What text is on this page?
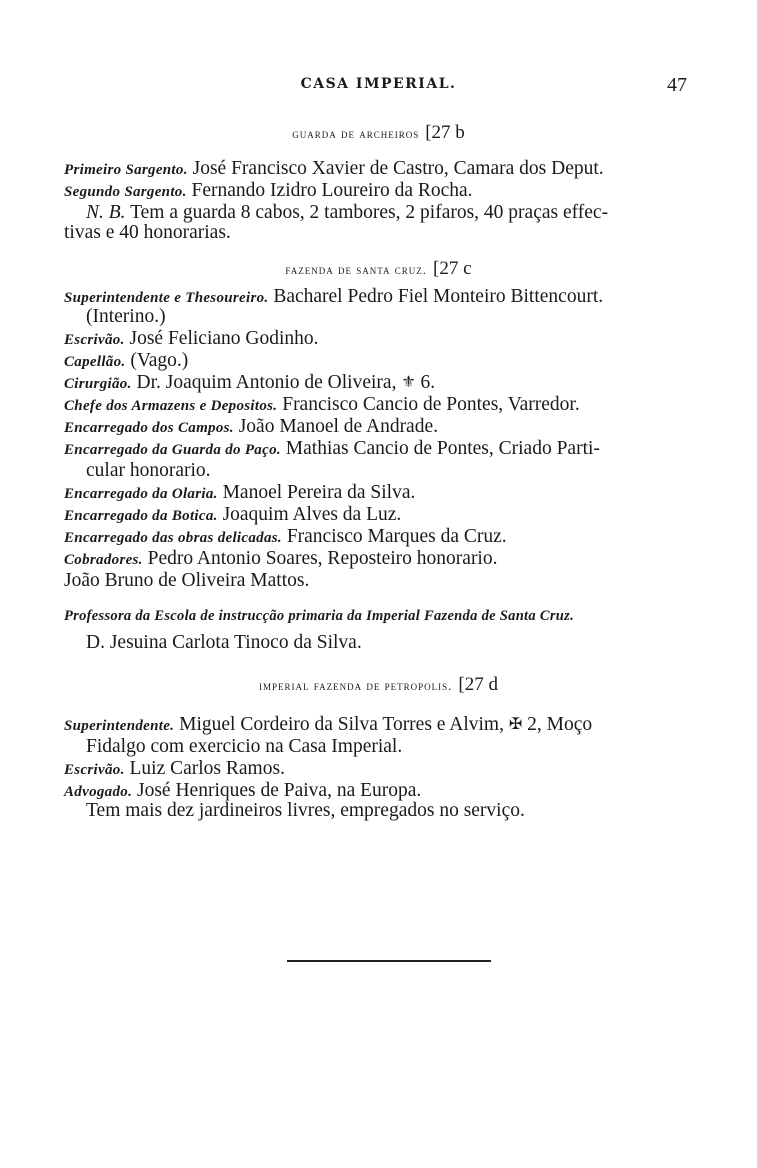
CASA IMPERIAL.	47
guarda de archeiros [27 b
Primeiro Sargento. José Francisco Xavier de Castro, Camara dos Deput.
Segundo Sargento. Fernando Izidro Loureiro da Rocha.
N. B. Tem a guarda 8 cabos, 2 tambores, 2 pifaros, 40 praças effec-
tivas e 40 honorarias.
fazenda de santa cruz. [27 c
Superintendente e Thesoureiro. Bacharel Pedro Fiel Monteiro Bittencourt.
(Interino.)
Escrivão. José Feliciano Godinho.
Capellão. (Vago.)
Cirurgião. Dr. Joaquim Antonio de Oliveira, ⚜ 6.
Chefe dos Armazens e Depositos. Francisco Cancio de Pontes, Varredor.
Encarregado dos Campos. João Manoel de Andrade.
Encarregado da Guarda do Paço. Mathias Cancio de Pontes, Criado Parti-
cular honorario.
Encarregado da Olaria. Manoel Pereira da Silva.
Encarregado da Botica. Joaquim Alves da Luz.
Encarregado das obras delicadas. Francisco Marques da Cruz.
Cobradores. Pedro Antonio Soares, Reposteiro honorario.
João Bruno de Oliveira Mattos.
Professora da Escola de instrucção primaria da Imperial Fazenda de Santa Cruz.
D. Jesuina Carlota Tinoco da Silva.
imperial fazenda de petropolis. [27 d
Superintendente. Miguel Cordeiro da Silva Torres e Alvim, ✠ 2, Moço
Fidalgo com exercicio na Casa Imperial.
Escrivão. Luiz Carlos Ramos.
Advogado. José Henriques de Paiva, na Europa.
Tem mais dez jardineiros livres, empregados no serviço.
